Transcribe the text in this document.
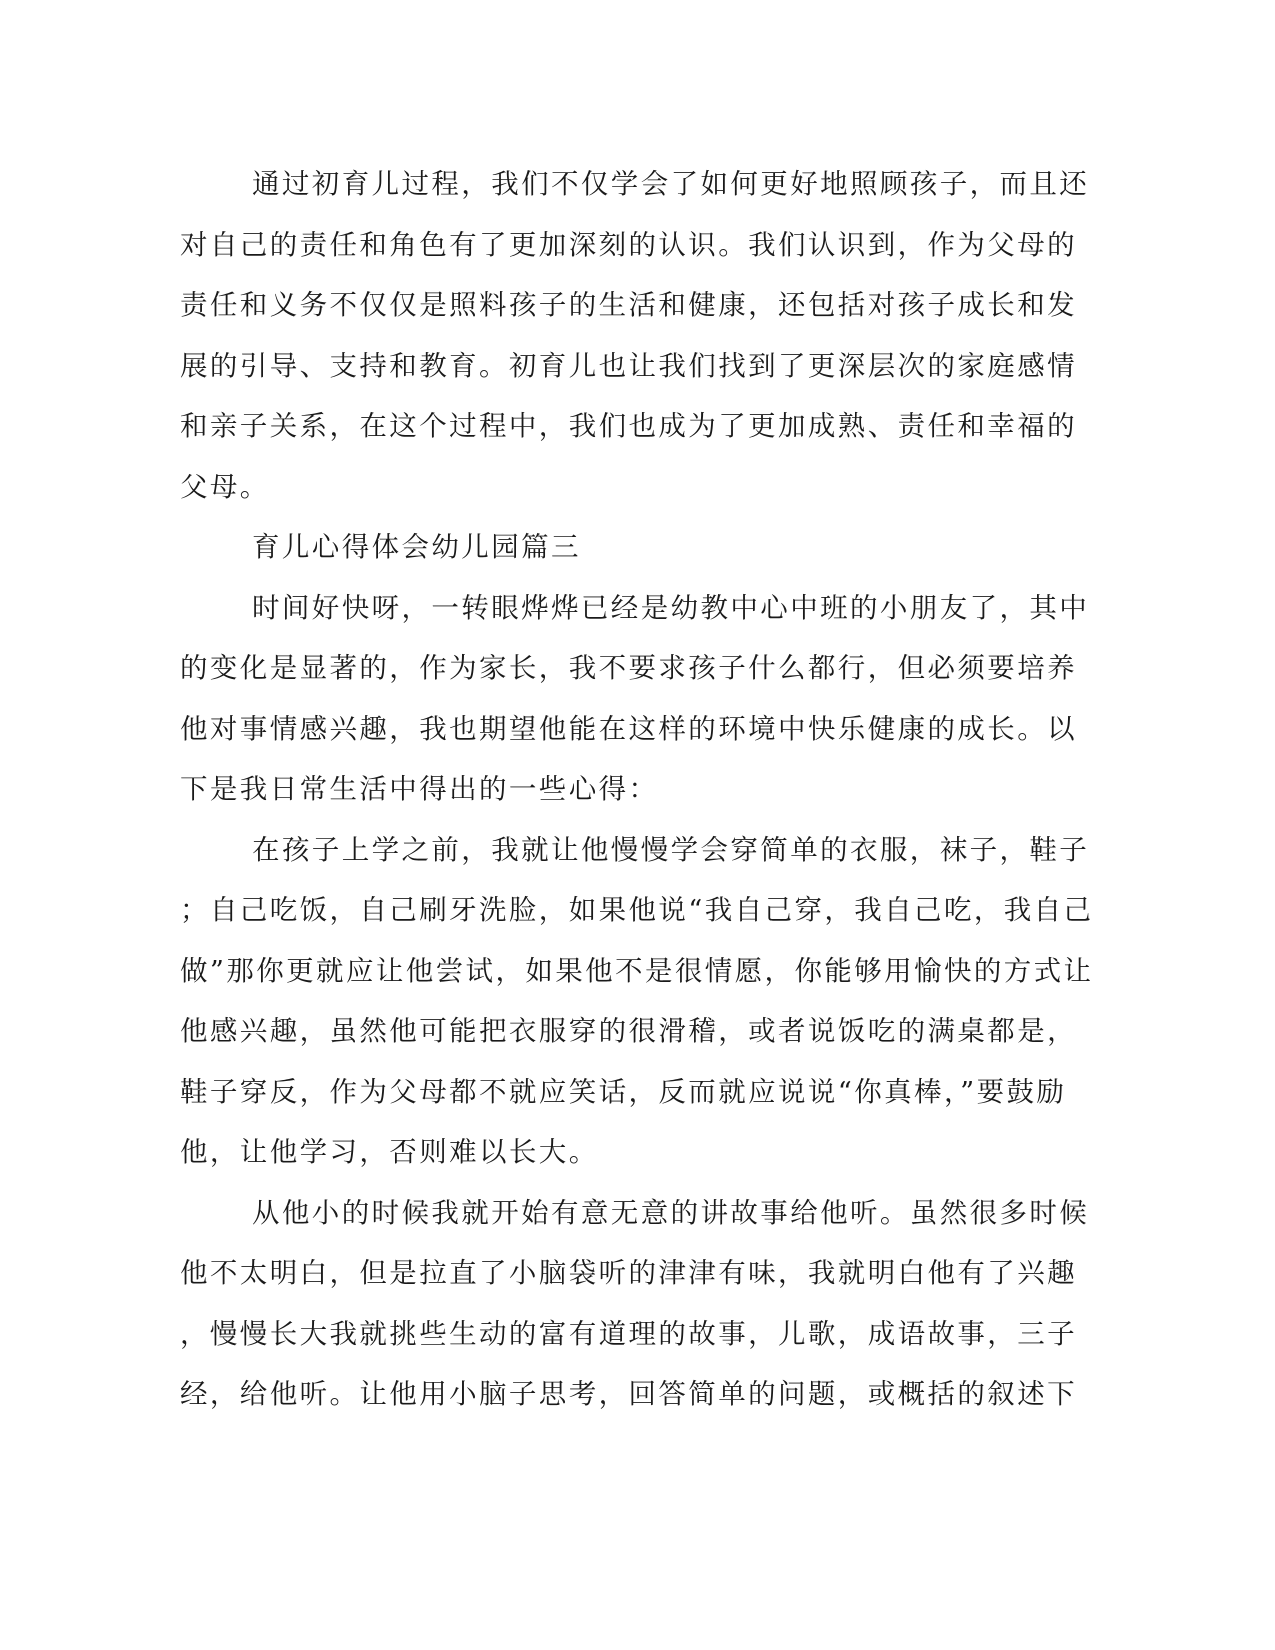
通过初育儿过程，我们不仅学会了如何更好地照顾孩子，而且还
对自己的责任和角色有了更加深刻的认识。我们认识到，作为父母的
责任和义务不仅仅是照料孩子的生活和健康，还包括对孩子成长和发
展的引导、支持和教育。初育儿也让我们找到了更深层次的家庭感情
和亲子关系，在这个过程中，我们也成为了更加成熟、责任和幸福的
父母。
育儿心得体会幼儿园篇三
时间好快呀，一转眼烨烨已经是幼教中心中班的小朋友了，其中
的变化是显著的，作为家长，我不要求孩子什么都行，但必须要培养
他对事情感兴趣，我也期望他能在这样的环境中快乐健康的成长。以
下是我日常生活中得出的一些心得：
在孩子上学之前，我就让他慢慢学会穿简单的衣服，袜子，鞋子
；自己吃饭，自己刷牙洗脸，如果他说“我自己穿，我自己吃，我自己
做”那你更就应让他尝试，如果他不是很情愿，你能够用愉快的方式让
他感兴趣，虽然他可能把衣服穿的很滑稽，或者说饭吃的满桌都是，
鞋子穿反，作为父母都不就应笑话，反而就应说说“你真棒，”要鼓励
他，让他学习，否则难以长大。
从他小的时候我就开始有意无意的讲故事给他听。虽然很多时候
他不太明白，但是拉直了小脑袋听的津津有味，我就明白他有了兴趣
，慢慢长大我就挑些生动的富有道理的故事，儿歌，成语故事，三子
经，给他听。让他用小脑子思考，回答简单的问题，或概括的叙述下
